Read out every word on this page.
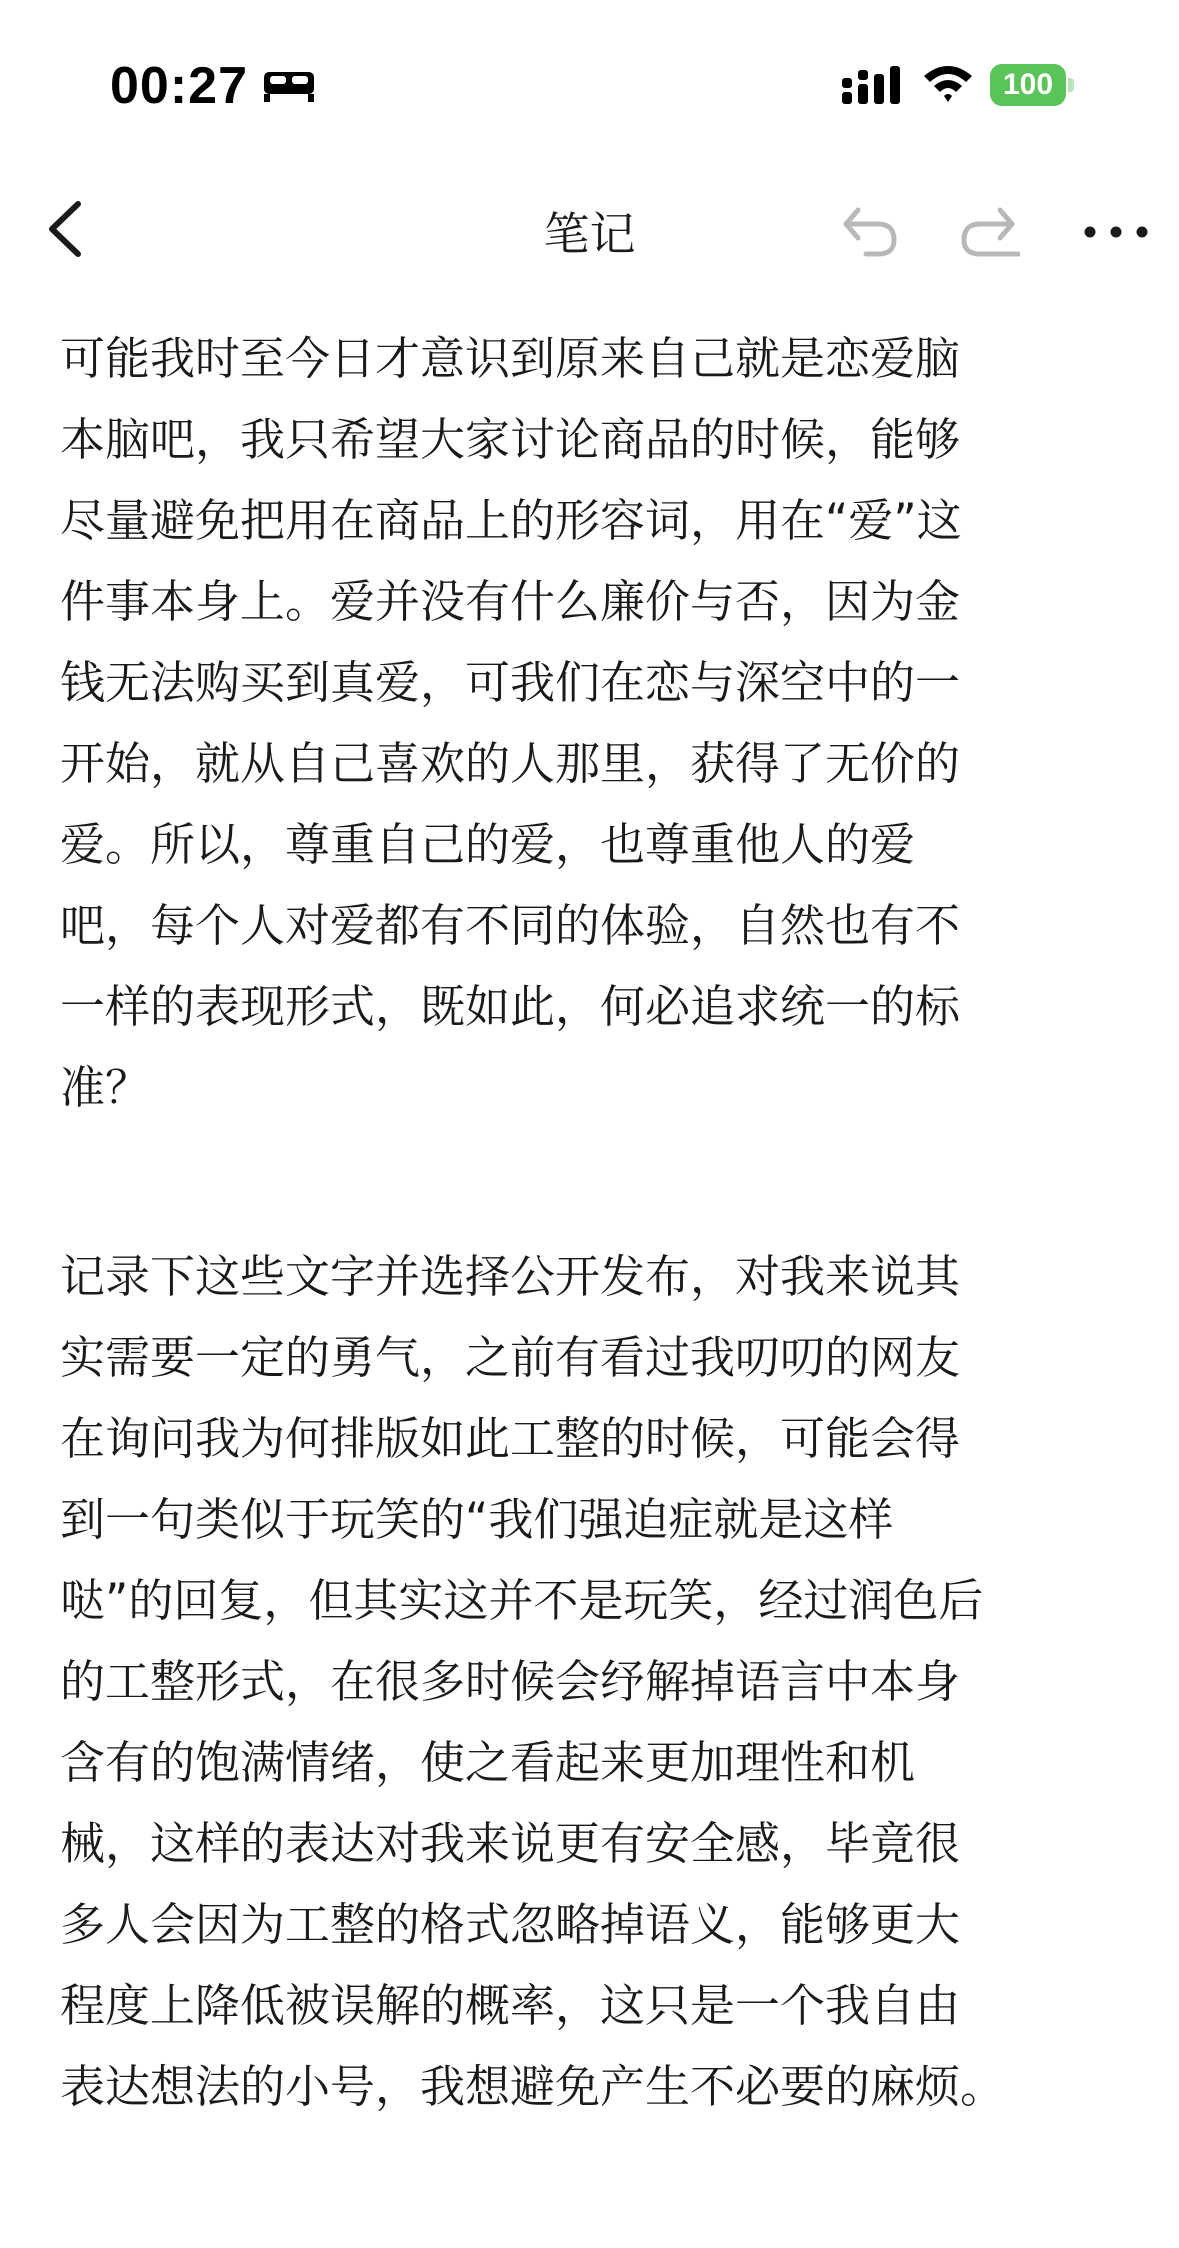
00:27	100
笔记

可能我时至今日才意识到原来自己就是恋爱脑
本脑吧，我只希望大家讨论商品的时候，能够
尽量避免把用在商品上的形容词，用在“爱”这
件事本身上。爱并没有什么廉价与否，因为金
钱无法购买到真爱，可我们在恋与深空中的一
开始，就从自己喜欢的人那里，获得了无价的
爱。所以，尊重自己的爱，也尊重他人的爱
吧，每个人对爱都有不同的体验，自然也有不
一样的表现形式，既如此，何必追求统一的标
准？

记录下这些文字并选择公开发布，对我来说其
实需要一定的勇气，之前有看过我叨叨的网友
在询问我为何排版如此工整的时候，可能会得
到一句类似于玩笑的“我们强迫症就是这样
哒”的回复，但其实这并不是玩笑，经过润色后
的工整形式，在很多时候会纾解掉语言中本身
含有的饱满情绪，使之看起来更加理性和机
械，这样的表达对我来说更有安全感，毕竟很
多人会因为工整的格式忽略掉语义，能够更大
程度上降低被误解的概率，这只是一个我自由
表达想法的小号，我想避免产生不必要的麻烦。
